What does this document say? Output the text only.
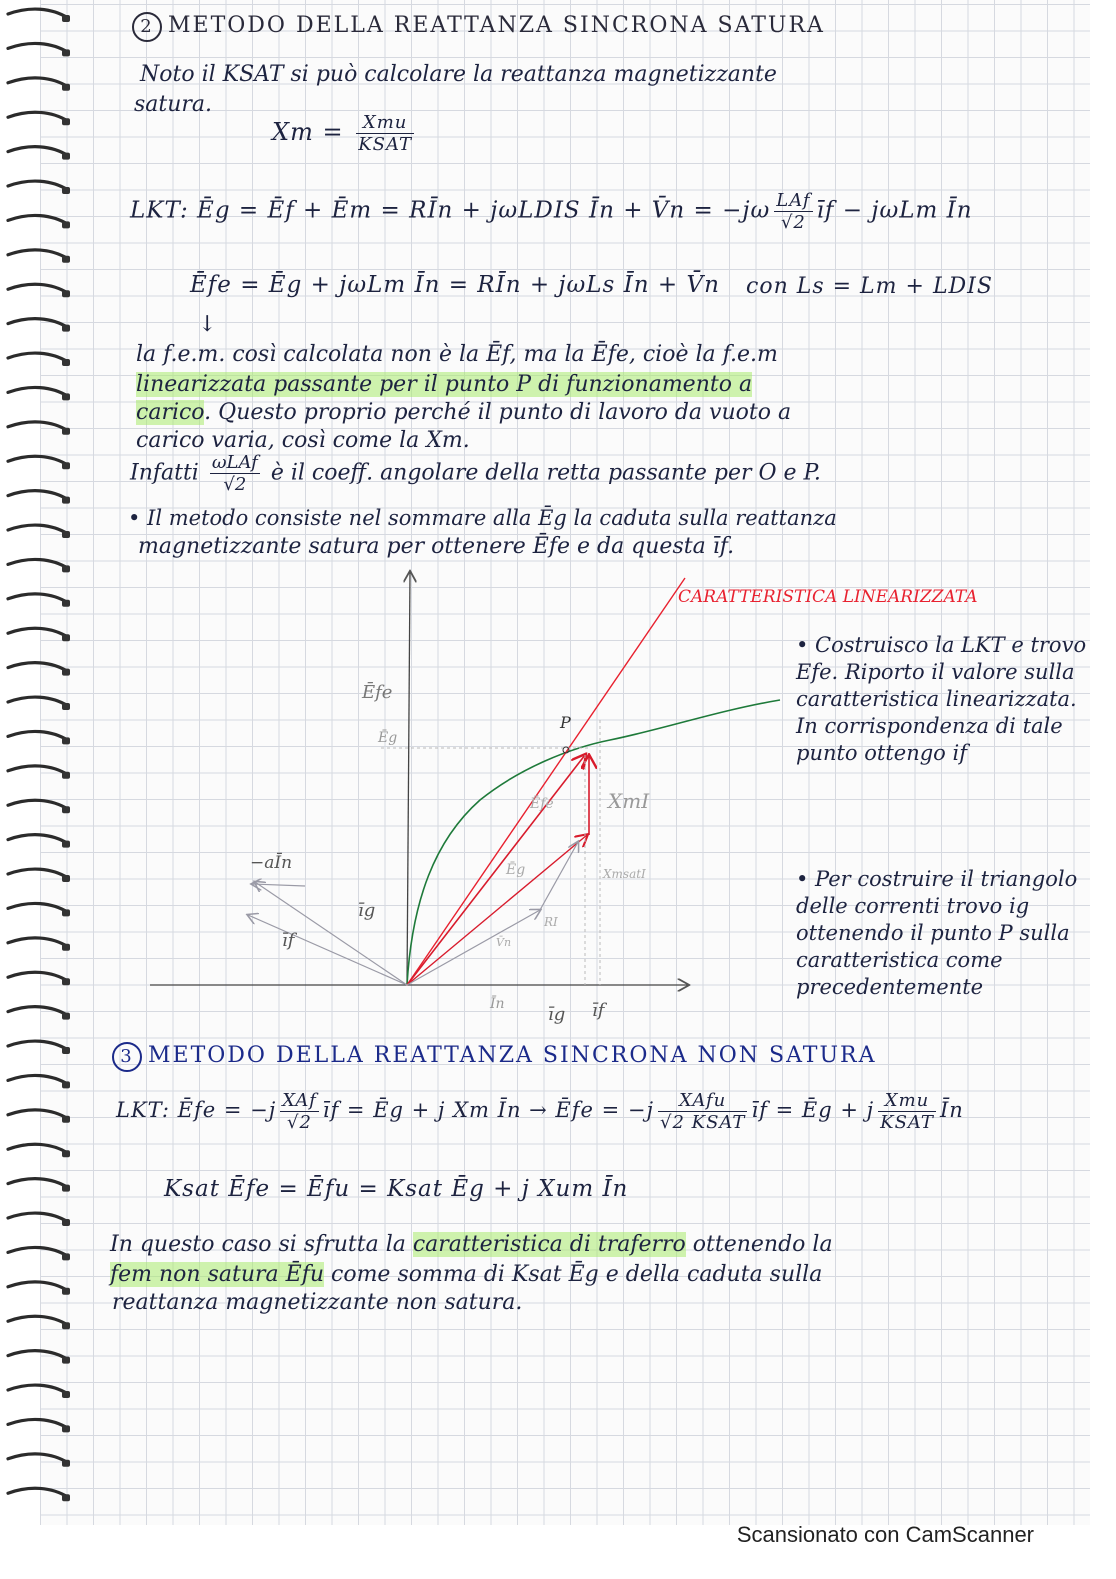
2 METODO DELLA REATTANZA SINCRONA SATURA
Noto il KSAT si può calcolare la reattanza magnetizzante
satura.
$Xm = \frac{\text{Xmu}}{\text{KSAT}}$
LKT: Ēg = Ēf + Ēm = RĪn + jωLDIS Īn + V̄n = $-j\omega \frac{\text{LAf}}{√2}$ īf − jωLm Īn
Ēfe = Ēg + jωLm Īn = RĪn + jωLs Īn + V̄n con Ls = Lm + LDIS
↓
la f.e.m. così calcolata non è la Ēf, ma la Ēfe, cioè la f.e.m
linearizzata passante per il punto P di funzionamento a
carico. Questo proprio perché il punto di lavoro da vuoto a
carico varia, così come la Xm.
Infatti $\frac{\text{ωLAf}}{√2}$ è il coeff. angolare della retta passante per O e P.
• Il metodo consiste nel sommare alla Ēg la caduta sulla reattanza
magnetizzante satura per ottenere Ēfe e da questa īf.
CARATTERISTICA LINEARIZZATA
Ēfe
Ēg
P
XmI
Ēfe
Ēg	XmsatI
RI
V̄n
−aĪn
īg
īf
Īn īg īf
• Costruisco la LKT e trovo Efe. Riporto il valore sulla caratteristica linearizzata. In corrispondenza di tale punto ottengo if
• Per costruire il triangolo delle correnti trovo ig ottenendo il punto P sulla caratteristica come precedentemente
3 METODO DELLA REATTANZA SINCRONA NON SATURA
LKT: Ēfe = $-j \frac{\text{XAf}}{√2}$ īf = Ēg + j Xm Īn → Ēfe = $-j \frac{\text{XAfu}}{\text{√2 KSAT}}$ īf = Ēg + j $\frac{\text{Xmu}}{\text{KSAT}}$ Īn
Ksat Ēfe = Ēfu = Ksat Ēg + j Xum Īn
In questo caso si sfrutta la caratteristica di traferro ottenendo la
fem non satura Ēfu come somma di Ksat Ēg e della caduta sulla
reattanza magnetizzante non satura.
Scansionato con CamScanner
